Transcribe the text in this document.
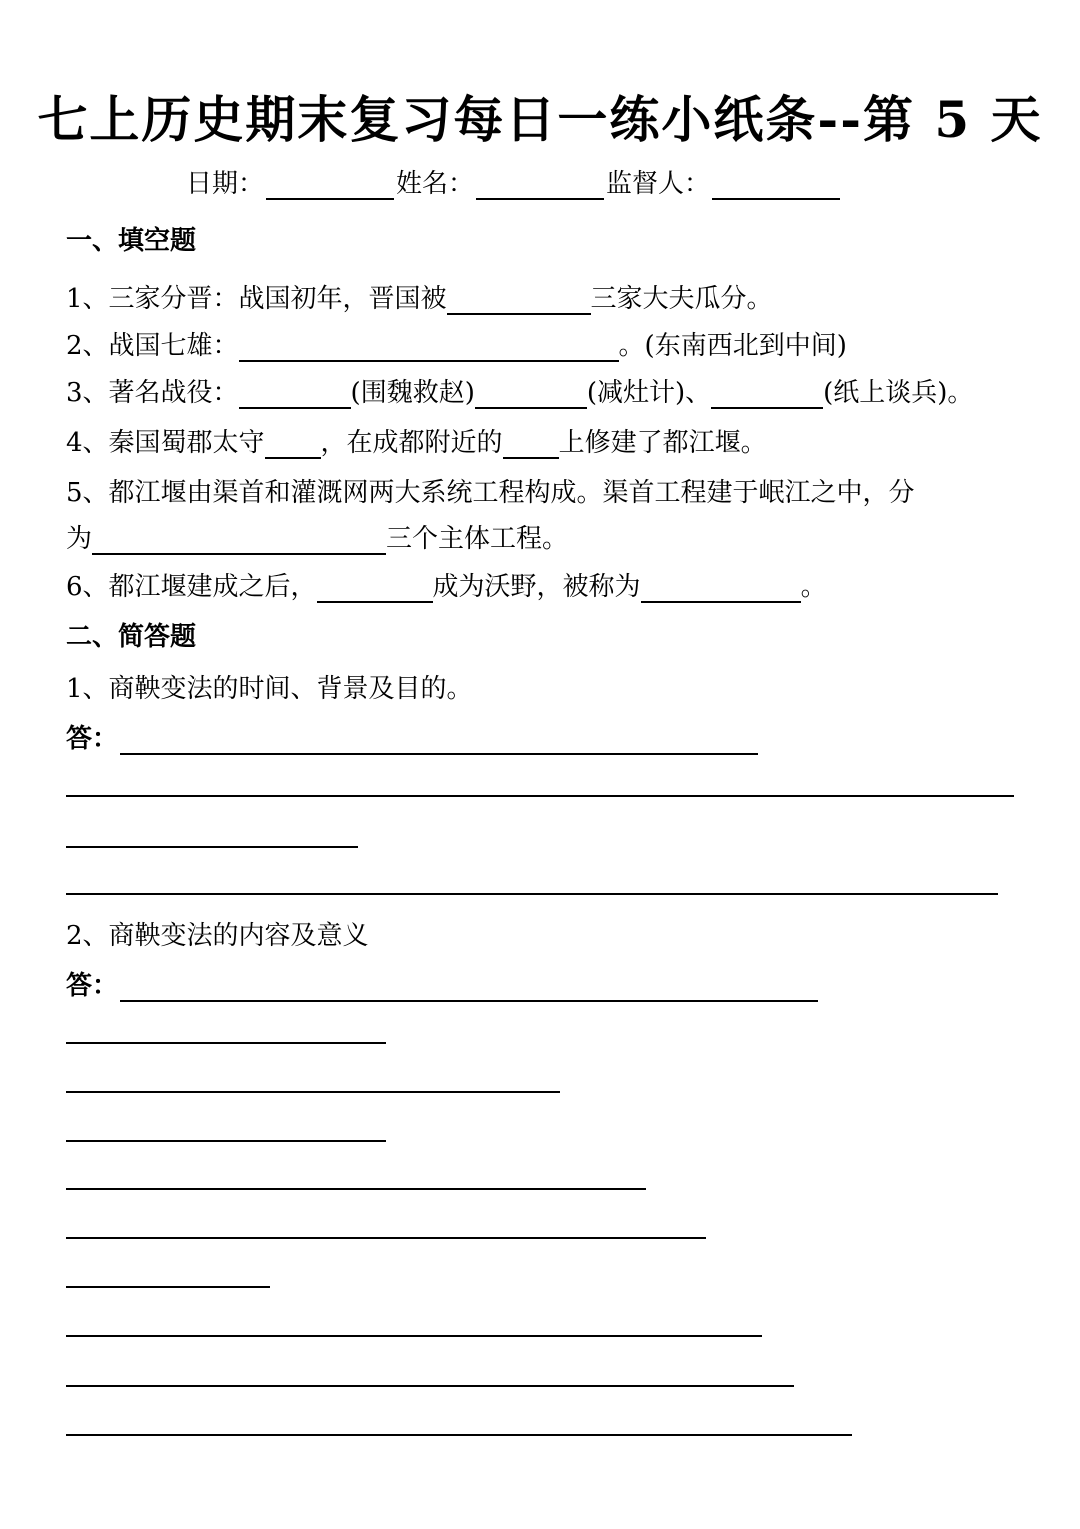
七上历史期末复习每日一练小纸条--第 5 天
日期：	姓名：	监督人：
一、填空题
1、三家分晋：战国初年，晋国被	三家大夫瓜分。
2、战国七雄：	。(东南西北到中间)
3、著名战役：	(围魏救赵)	(减灶计)、	(纸上谈兵)。
4、秦国蜀郡太守 ，在成都附近的 上修建了都江堰。
5、都江堰由渠首和灌溉网两大系统工程构成。渠首工程建于岷江之中，分
为	三个主体工程。
6、都江堰建成之后，	成为沃野，被称为	。
二、简答题
1、商鞅变法的时间、背景及目的。
答：
2、商鞅变法的内容及意义
答：
